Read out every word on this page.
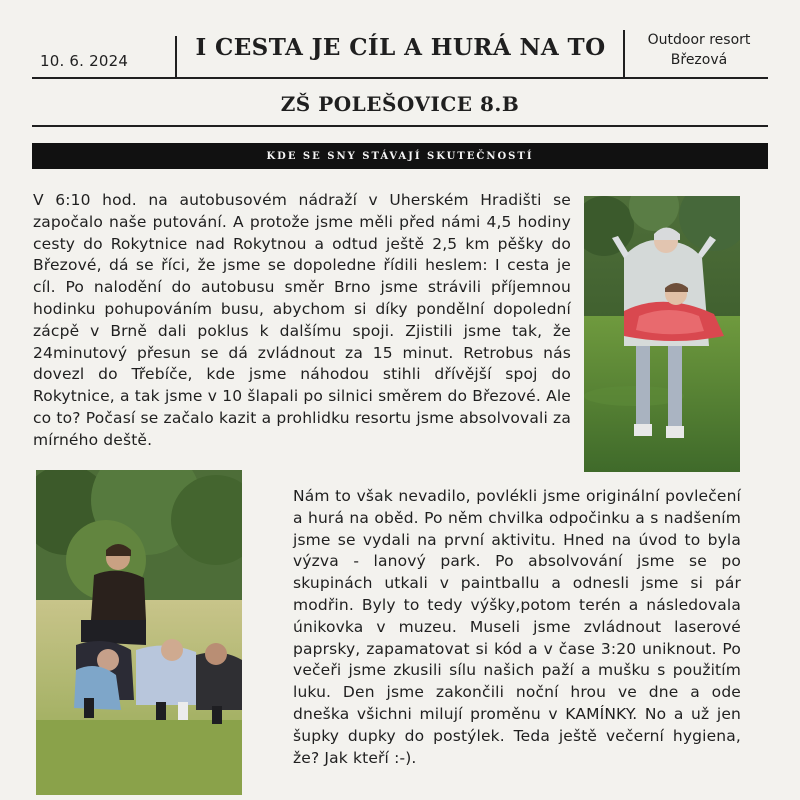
10. 6. 2024	I CESTA JE CÍL A HURÁ NA TO	Outdoor resort
Březová
ZŠ POLEŠOVICE 8.B
KDE SE SNY STÁVAJÍ SKUTEČNOSTÍ
V 6:10 hod. na autobusovém nádraží v Uherském Hradišti se započalo naše putování. A protože jsme měli před námi 4,5 hodiny cesty do Rokytnice nad Rokytnou a odtud ještě 2,5 km pěšky do Březové, dá se říci, že jsme se dopoledne řídili heslem: I cesta je cíl. Po nalodění do autobusu směr Brno jsme strávili příjemnou hodinku pohupováním busu, abychom si díky pondělní dopolední zácpě v Brně dali poklus k dalšímu spoji. Zjistili jsme tak, že 24minutový přesun se dá zvládnout za 15 minut. Retrobus nás dovezl do Třebíče, kde jsme náhodou stihli dřívější spoj do Rokytnice, a tak jsme v 10 šlapali po silnici směrem do Březové. Ale co to? Počasí se začalo kazit a prohlidku resortu jsme absolvovali za mírného deště.
Nám to však nevadilo, povlékli jsme originální povlečení a hurá na oběd. Po něm chvilka odpočinku a s nadšením jsme se vydali na první aktivitu. Hned na úvod to byla výzva - lanový park. Po absolvování jsme se po skupinách utkali v paintballu a odnesli jsme si pár modřin. Byly to tedy výšky,potom terén a následovala únikovka v muzeu. Museli jsme zvládnout laserové paprsky, zapamatovat si kód a v čase 3:20 uniknout. Po večeři jsme zkusili sílu našich paží a mušku s použitím luku. Den jsme zakončili noční hrou ve dne a ode dneška všichni milují proměnu v KAMÍNKY. No a už jen šupky dupky do postýlek. Teda ještě večerní hygiena, že? Jak kteří :-).
